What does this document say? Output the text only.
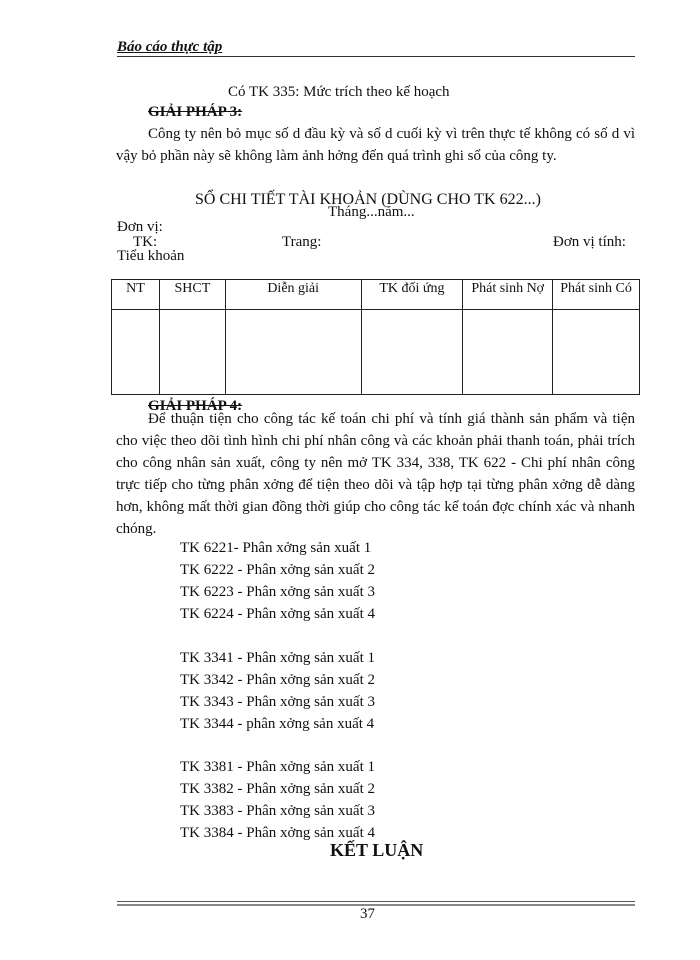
Báo cáo thực tập
Có TK 335: Mức trích theo kế hoạch
GIẢI PHÁP 3:
Công ty nên bỏ mục số d đầu kỳ và số d cuối kỳ vì trên thực tế không có số d vì vậy bỏ phần này sẽ không làm ảnh hởng đến quá trình ghi sổ của công ty.
SỔ CHI TIẾT TÀI KHOẢN (DÙNG CHO TK 622...)
Tháng...năm...
Đơn vị:
TK:	Trang:	Đơn vị tính:
Tiểu khoản
NT	SHCT	Diễn giải	TK đối ứng	Phát sinh Nợ	Phát sinh Có

GIẢI PHÁP 4:
Để thuận tiện cho công tác kế toán chi phí và tính giá thành sản phẩm và tiện cho việc theo dõi tình hình chi phí nhân công và các khoản phải thanh toán, phải trích cho công nhân sản xuất, công ty nên mở TK 334, 338, TK 622 - Chi phí nhân công trực tiếp cho từng phân xởng để tiện theo dõi và tập hợp tại từng phân xởng dễ dàng hơn, không mất thời gian đồng thời giúp cho công tác kế toán đợc chính xác và nhanh chóng.
TK 6221- Phân xởng sản xuất 1
TK 6222 - Phân xởng sản xuất 2
TK 6223 - Phân xởng sản xuất 3
TK 6224 - Phân xởng sản xuất 4
TK 3341 - Phân xởng sản xuất 1
TK 3342 - Phân xởng sản xuất 2
TK 3343 - Phân xởng sản xuất 3
TK 3344 - phân xởng sản xuất 4
TK 3381 - Phân xởng sản xuất 1
TK 3382 - Phân xởng sản xuất 2
TK 3383 - Phân xởng sản xuất 3
TK 3384 - Phân xởng sản xuất 4
KẾT LUẬN
37
